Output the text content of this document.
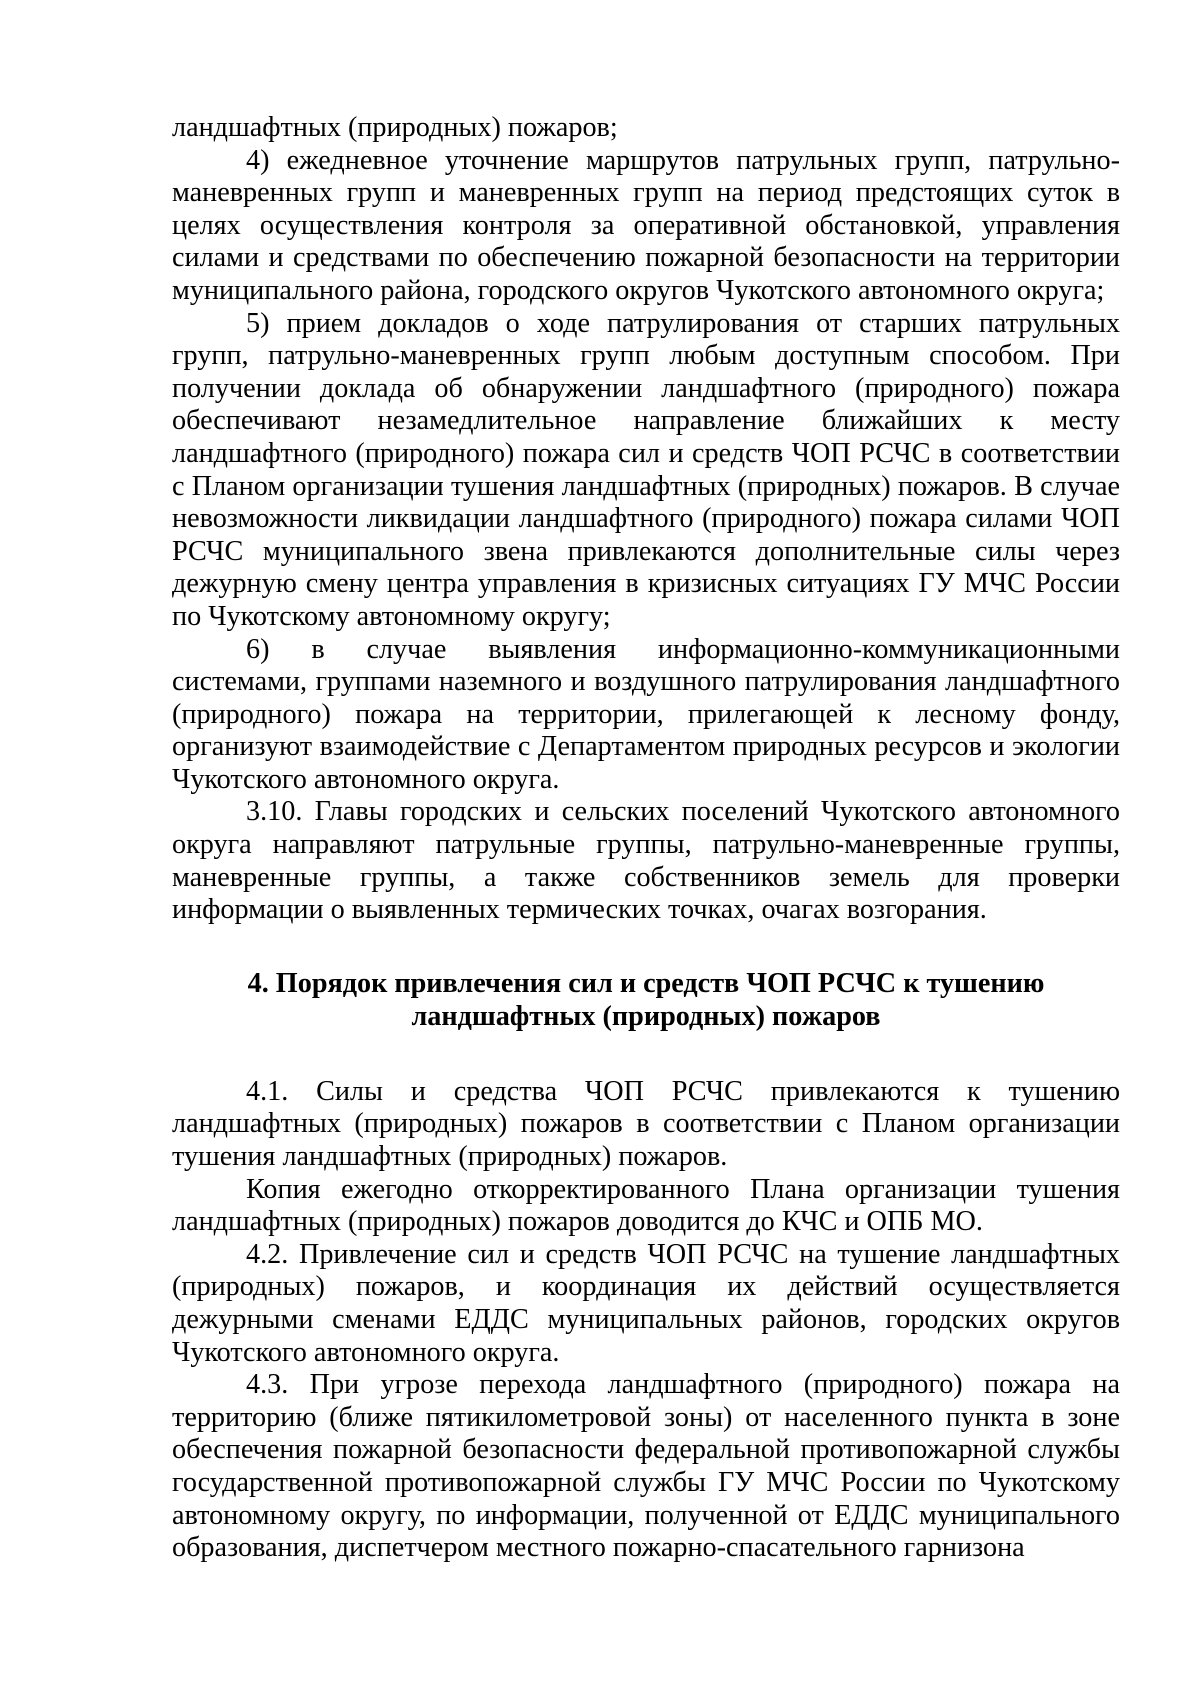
ландшафтных (природных) пожаров;

4) ежедневное уточнение маршрутов патрульных групп, патрульно-маневренных групп и маневренных групп на период предстоящих суток в целях осуществления контроля за оперативной обстановкой, управления силами и средствами по обеспечению пожарной безопасности на территории муниципального района, городского округов Чукотского автономного округа;

5) прием докладов о ходе патрулирования от старших патрульных групп, патрульно-маневренных групп любым доступным способом. При получении доклада об обнаружении ландшафтного (природного) пожара обеспечивают незамедлительное направление ближайших к месту ландшафтного (природного) пожара сил и средств ЧОП РСЧС в соответствии с Планом организации тушения ландшафтных (природных) пожаров. В случае невозможности ликвидации ландшафтного (природного) пожара силами ЧОП РСЧС муниципального звена привлекаются дополнительные силы через дежурную смену центра управления в кризисных ситуациях ГУ МЧС России по Чукотскому автономному округу;

6) в случае выявления информационно-коммуникационными системами, группами наземного и воздушного патрулирования ландшафтного (природного) пожара на территории, прилегающей к лесному фонду, организуют взаимодействие с Департаментом природных ресурсов и экологии Чукотского автономного округа.

3.10. Главы городских и сельских поселений Чукотского автономного округа направляют патрульные группы, патрульно-маневренные группы, маневренные группы, а также собственников земель для проверки информации о выявленных термических точках, очагах возгорания.

4. Порядок привлечения сил и средств ЧОП РСЧС к тушению
ландшафтных (природных) пожаров

4.1. Силы и средства ЧОП РСЧС привлекаются к тушению ландшафтных (природных) пожаров в соответствии с Планом организации тушения ландшафтных (природных) пожаров.

Копия ежегодно откорректированного Плана организации тушения ландшафтных (природных) пожаров доводится до КЧС и ОПБ МО.

4.2. Привлечение сил и средств ЧОП РСЧС на тушение ландшафтных (природных) пожаров, и координация их действий осуществляется дежурными сменами ЕДДС муниципальных районов, городских округов Чукотского автономного округа.

4.3. При угрозе перехода ландшафтного (природного) пожара на территорию (ближе пятикилометровой зоны) от населенного пункта в зоне обеспечения пожарной безопасности федеральной противопожарной службы государственной противопожарной службы ГУ МЧС России по Чукотскому автономному округу, по информации, полученной от ЕДДС муниципального образования, диспетчером местного пожарно-спасательного гарнизона
